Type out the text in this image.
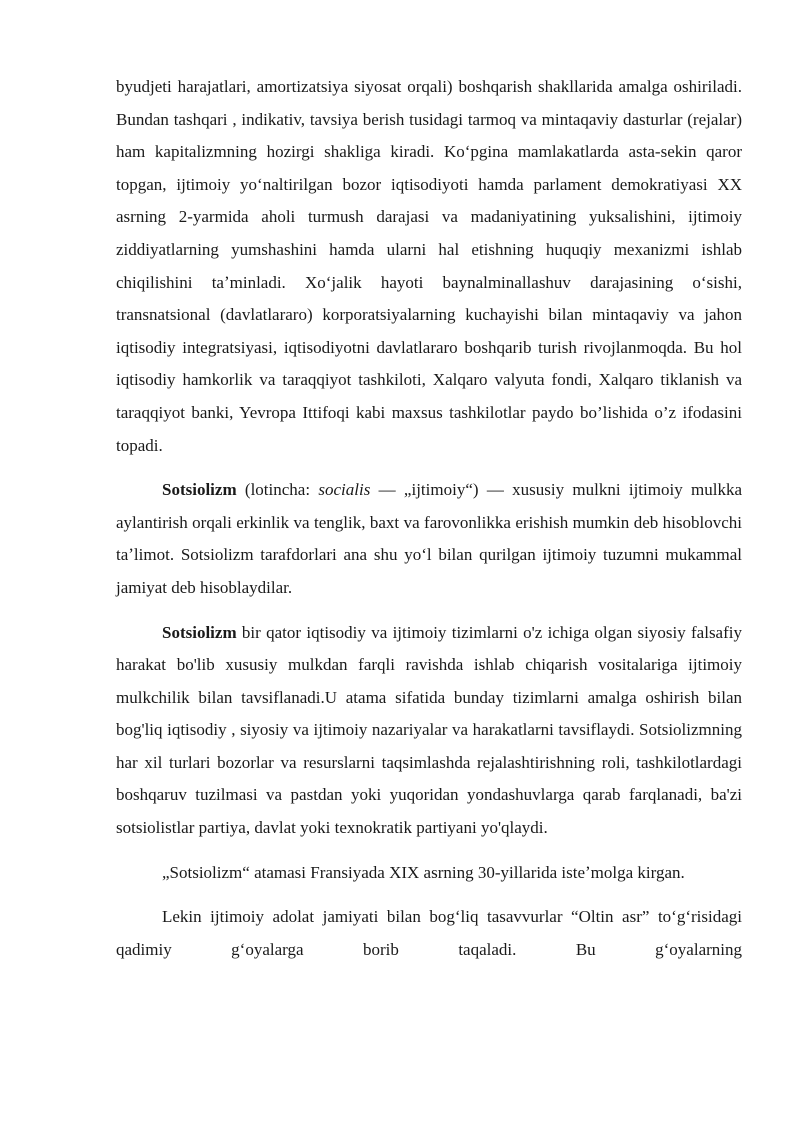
byudjeti harajatlari, amortizatsiya siyosat orqali) boshqarish shakllarida amalga oshiriladi. Bundan tashqari , indikativ, tavsiya berish tusidagi tarmoq va mintaqaviy dasturlar (rejalar) ham kapitalizmning hozirgi shakliga kiradi. Koʻpgina mamlakatlarda asta-sekin qaror topgan, ijtimoiy yoʻnaltirilgan bozor iqtisodiyoti hamda parlament demokratiyasi XX asrning 2-yarmida aholi turmush darajasi va madaniyatining yuksalishini, ijtimoiy ziddiyatlarning yumshashini hamda ularni hal etishning huquqiy mexanizmi ishlab chiqilishini taʼminladi. Xoʻjalik hayoti baynalminallashuv darajasining oʻsishi, transnatsional (davlatlararo) korporatsiyalarning kuchayishi bilan mintaqaviy va jahon iqtisodiy integratsiyasi, iqtisodiyotni davlatlararo boshqarib turish rivojlanmoqda. Bu hol iqtisodiy hamkorlik va taraqqiyot tashkiloti, Xalqaro valyuta fondi, Xalqaro tiklanish va taraqqiyot banki, Yevropa Ittifoqi kabi maxsus tashkilotlar paydo bo’lishida o’z ifodasini topadi.

Sotsiolizm (lotincha: socialis — „ijtimoiy“) — xususiy mulkni ijtimoiy mulkka aylantirish orqali erkinlik va tenglik, baxt va farovonlikka erishish mumkin deb hisoblovchi taʼlimot. Sotsiolizm tarafdorlari ana shu yoʻl bilan qurilgan ijtimoiy tuzumni mukammal jamiyat deb hisoblaydilar.

Sotsiolizm bir qator iqtisodiy va ijtimoiy tizimlarni o'z ichiga olgan siyosiy falsafiy harakat bo'lib xususiy mulkdan farqli ravishda ishlab chiqarish vositalariga ijtimoiy mulkchilik bilan tavsiflanadi.U atama sifatida bunday tizimlarni amalga oshirish bilan bog'liq iqtisodiy , siyosiy va ijtimoiy nazariyalar va harakatlarni tavsiflaydi. Sotsiolizmning har xil turlari bozorlar va resurslarni taqsimlashda rejalashtirishning roli, tashkilotlardagi boshqaruv tuzilmasi va pastdan yoki yuqoridan yondashuvlarga qarab farqlanadi, ba'zi sotsiolistlar partiya, davlat yoki texnokratik partiyani yo'qlaydi.

„Sotsiolizm“ atamasi Fransiyada XIX asrning 30-yillarida isteʼmolga kirgan.

Lekin ijtimoiy adolat jamiyati bilan bogʻliq tasavvurlar “Oltin asr” toʻgʻrisidagi qadimiy gʻoyalarga borib taqaladi. Bu gʻoyalarning
